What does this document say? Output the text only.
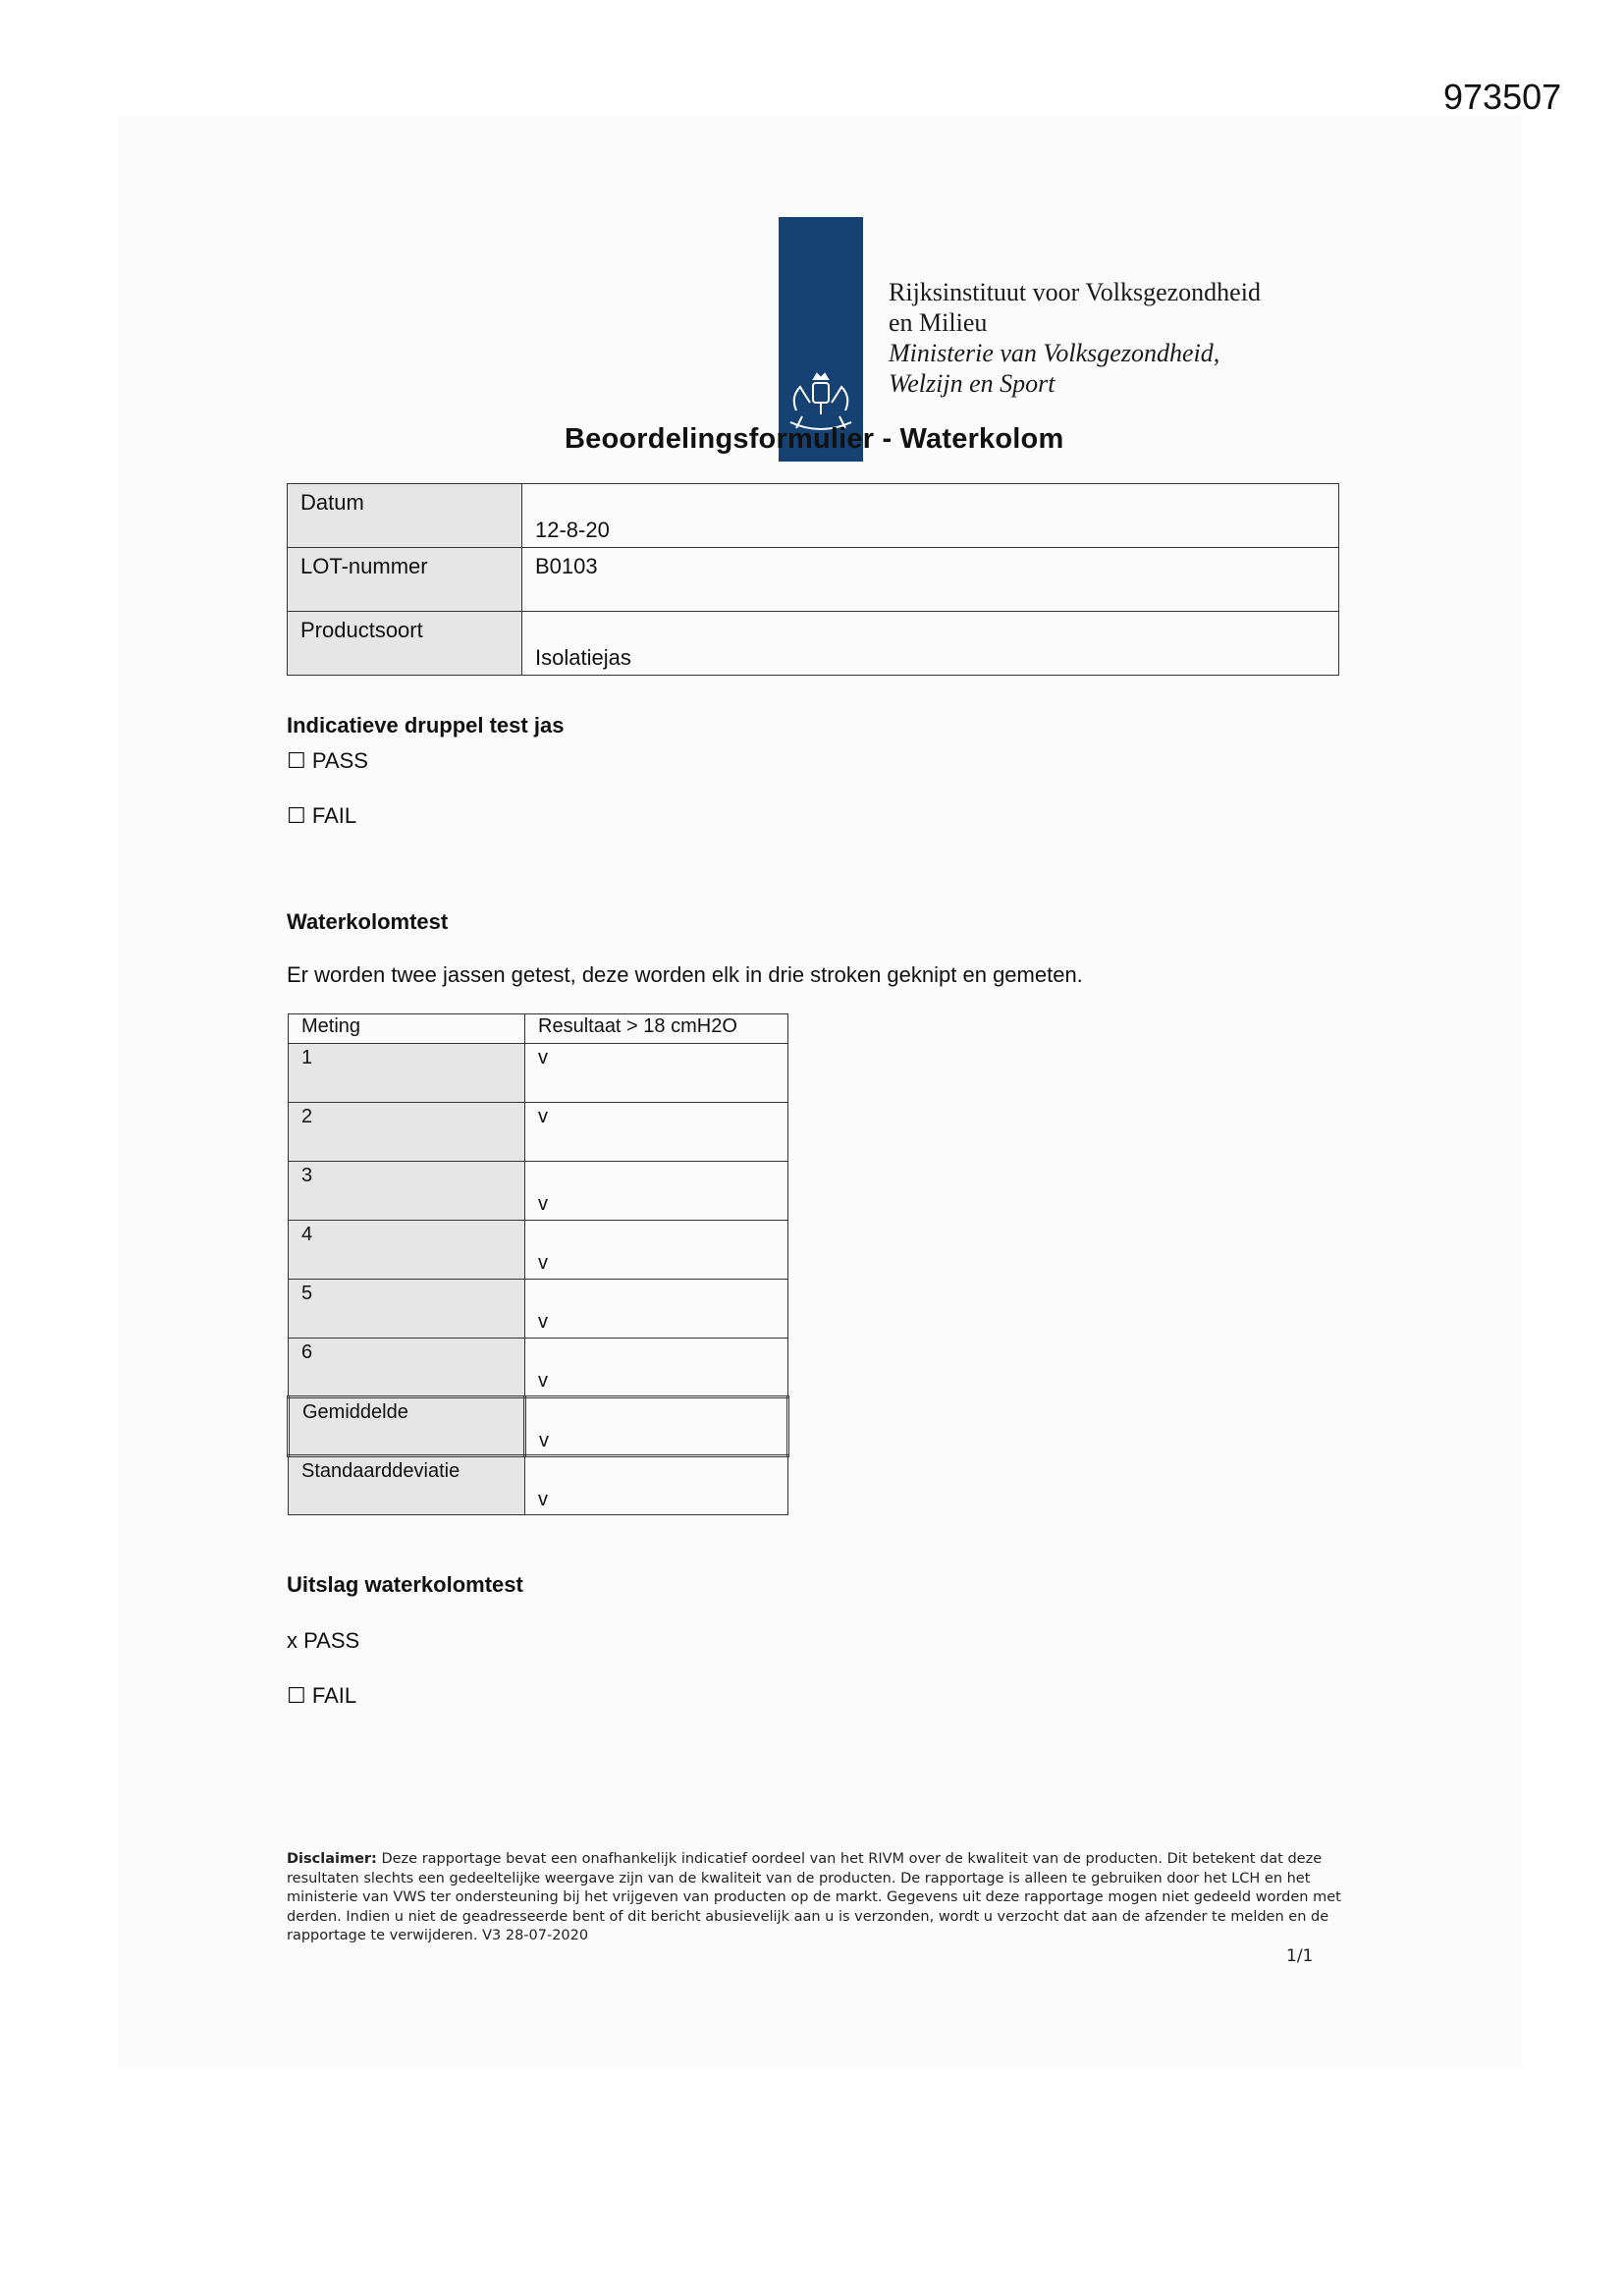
973507
Rijksinstituut voor Volksgezondheid
en Milieu
Ministerie van Volksgezondheid,
Welzijn en Sport
Beoordelingsformulier - Waterkolom
Datum	12-8-20

LOT-nummer	B0103

Productsoort	Isolatiejas
Indicatieve druppel test jas
☐ PASS
☐ FAIL
Waterkolomtest
Er worden twee jassen getest, deze worden elk in drie stroken geknipt en gemeten.
Meting	Resultaat > 18 cmH2O

1	v

2	v

3	v

4	v

5	v

6	v

Gemiddelde	v

Standaarddeviatie	v
Uitslag waterkolomtest
x PASS
☐ FAIL
Disclaimer: Deze rapportage bevat een onafhankelijk indicatief oordeel van het RIVM over de kwaliteit van de producten. Dit betekent dat deze resultaten slechts een gedeeltelijke weergave zijn van de kwaliteit van de producten. De rapportage is alleen te gebruiken door het LCH en het ministerie van VWS ter ondersteuning bij het vrijgeven van producten op de markt. Gegevens uit deze rapportage mogen niet gedeeld worden met derden. Indien u niet de geadresseerde bent of dit bericht abusievelijk aan u is verzonden, wordt u verzocht dat aan de afzender te melden en de rapportage te verwijderen. V3 28-07-2020
1/1
